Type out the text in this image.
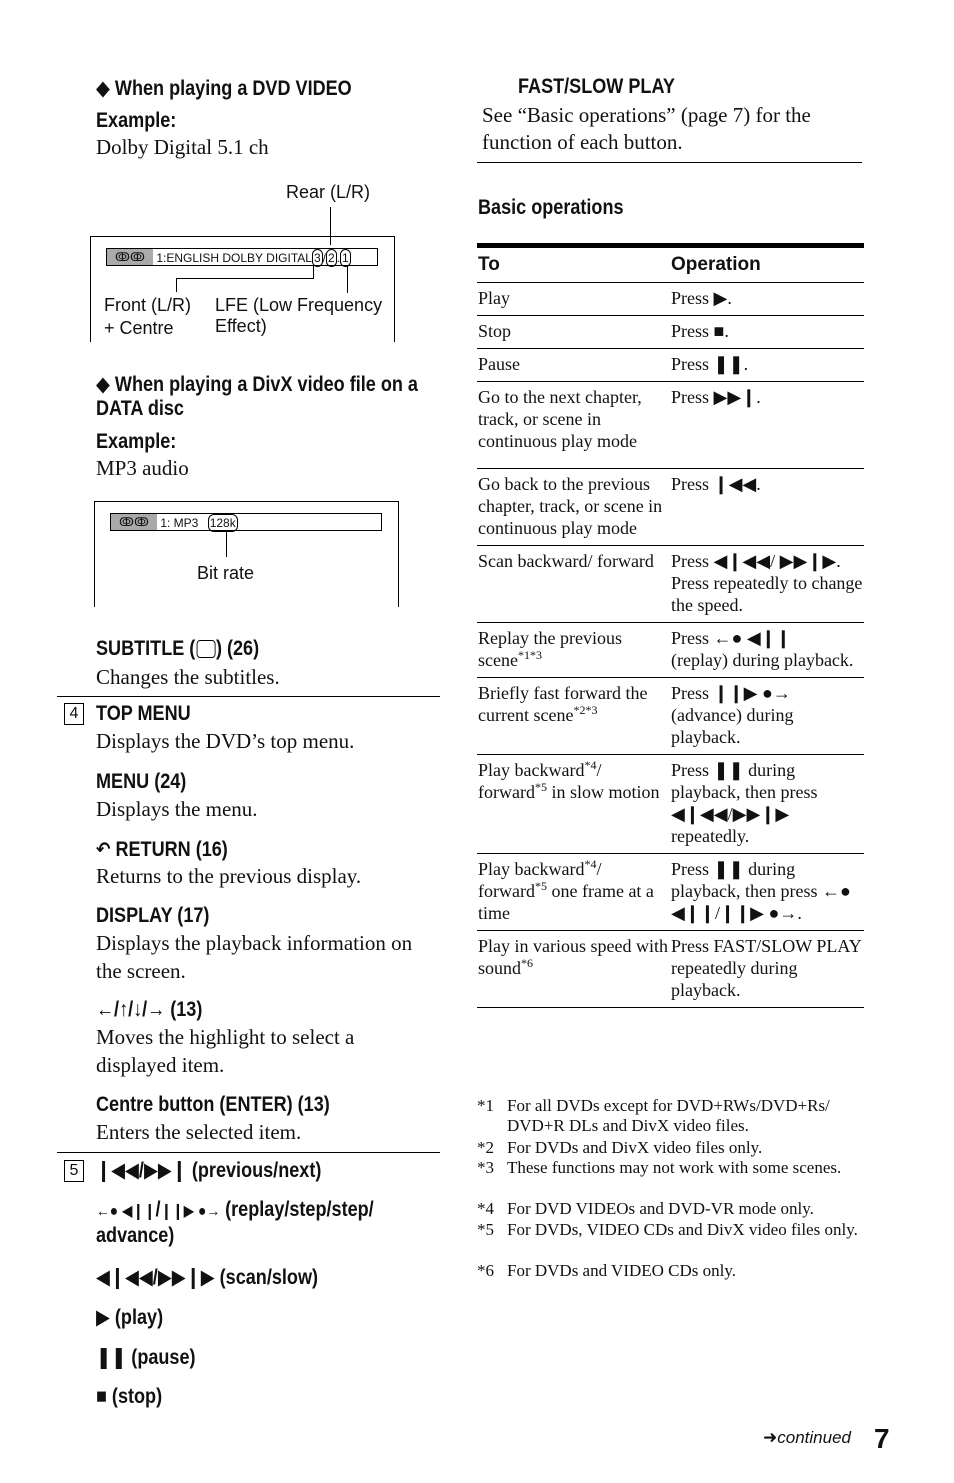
◆ When playing a DVD VIDEO
Example:
Dolby Digital 5.1 ch
Rear (L/R)
ↂↂ 1:ENGLISH DOLBY DIGITAL 3 / 2 . 1
Front (L/R)
+ Centre
LFE (Low Frequency
Effect)
◆ When playing a DivX video file on a
DATA disc
Example:
MP3 audio
ↂↂ 1: MP3 128k
Bit rate
SUBTITLE ( ) (26)
Changes the subtitles.
4 TOP MENU
Displays the DVD’s top menu.
MENU (24)
Displays the menu.
↶ RETURN (16)
Returns to the previous display.
DISPLAY (17)
Displays the playback information on
the screen.
←/↑/↓/→ (13)
Moves the highlight to select a
displayed item.
Centre button (ENTER) (13)
Enters the selected item.
5 ❙◀◀/▶▶❙ (previous/next)
←● ◀❙❙/❙❙▶ ●→ (replay/step/step/
advance)
◀❙◀◀/▶▶❙▶ (scan/slow)
▶ (play)
❚❚ (pause)
■ (stop)
FAST/SLOW PLAY
See “Basic operations” (page 7) for the
function of each button.
Basic operations
To	Operation
Play	Press ▶.
Stop	Press ■.
Pause	Press ❚❚.
Go to the next chapter, track, or scene in continuous play mode	Press ▶▶❙.
Go back to the previous chapter, track, or scene in continuous play mode	Press ❙◀◀.
Scan backward/ forward	Press ◀❙◀◀/ ▶▶❙▶.
Press repeatedly to change the speed.

Replay the previous scene$^{*1*3}$	Press ←● ◀❙❙
(replay) during playback.

Briefly fast forward the current scene$^{*2*3}$	Press ❙❙▶ ●→
(advance) during playback.

Play backward$^{*4}$/ forward$^{*5}$ in slow motion	Press ❚❚ during playback, then press ◀❙◀◀/▶▶❙▶ repeatedly.
Play backward$^{*4}$/ forward$^{*5}$ one frame at a time	Press ❚❚ during playback, then press ←● ◀❙❙/❙❙▶ ●→.
Play in various speed with sound$^{*6}$	Press FAST/SLOW PLAY repeatedly during playback.
*1 For all DVDs except for DVD+RWs/DVD+Rs/ DVD+R DLs and DivX video files.
*2 For DVDs and DivX video files only.
*3 These functions may not work with some scenes.
*4 For DVD VIDEOs and DVD-VR mode only.
*5 For DVDs, VIDEO CDs and DivX video files only.
*6 For DVDs and VIDEO CDs only.
➜continued 7
